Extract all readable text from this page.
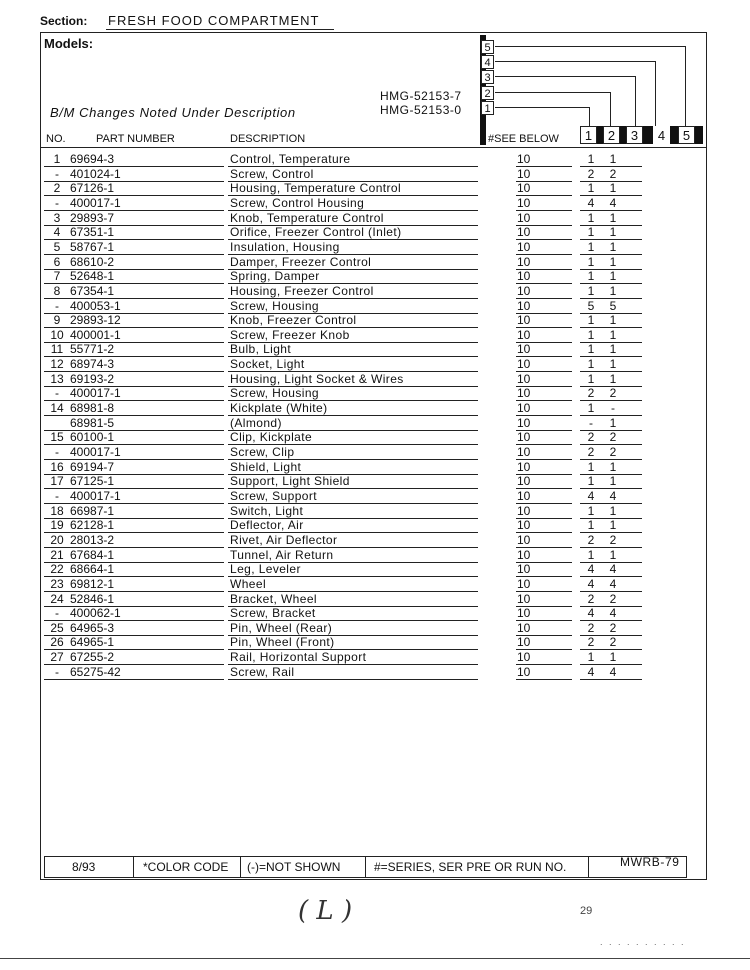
Section: FRESH FOOD COMPARTMENT
Models:
HMG-52153-7
HMG-52153-0
B/M Changes Noted Under Description
5
4
3
2
1
NO.	PART NUMBER	DESCRIPTION	#SEE BELOW	1	2	3	4	5
1 69694-3	Control, Temperature	10	1 1
- 401024-1	Screw, Control	10	2 2
2 67126-1	Housing, Temperature Control	10	1 1
- 400017-1	Screw, Control Housing	10	4 4
3 29893-7	Knob, Temperature Control	10	1 1
4 67351-1	Orifice, Freezer Control (Inlet)	10	1 1
5 58767-1	Insulation, Housing	10	1 1
6 68610-2	Damper, Freezer Control	10	1 1
7 52648-1	Spring, Damper	10	1 1
8 67354-1	Housing, Freezer Control	10	1 1
- 400053-1	Screw, Housing	10	5 5
9 29893-12	Knob, Freezer Control	10	1 1
10 400001-1	Screw, Freezer Knob	10	1 1
11 55771-2	Bulb, Light	10	1 1
12 68974-3	Socket, Light	10	1 1
13 69193-2	Housing, Light Socket & Wires	10	1 1
- 400017-1	Screw, Housing	10	2 2
14 68981-8	Kickplate (White)	10	1 -
68981-5	(Almond)	10	- 1
15 60100-1	Clip, Kickplate	10	2 2
- 400017-1	Screw, Clip	10	2 2
16 69194-7	Shield, Light	10	1 1
17 67125-1	Support, Light Shield	10	1 1
- 400017-1	Screw, Support	10	4 4
18 66987-1	Switch, Light	10	1 1
19 62128-1	Deflector, Air	10	1 1
20 28013-2	Rivet, Air Deflector	10	2 2
21 67684-1	Tunnel, Air Return	10	1 1
22 68664-1	Leg, Leveler	10	4 4
23 69812-1	Wheel	10	4 4
24 52846-1	Bracket, Wheel	10	2 2
- 400062-1	Screw, Bracket	10	4 4
25 64965-3	Pin, Wheel (Rear)	10	2 2
26 64965-1	Pin, Wheel (Front)	10	2 2
27 67255-2	Rail, Horizontal Support	10	1 1
- 65275-42	Screw, Rail	10	4 4
8/93	*COLOR CODE (-)=NOT SHOWN	#=SERIES, SER PRE OR RUN NO.	MWRB-79
( L )	29
. . . . . . . . . .
